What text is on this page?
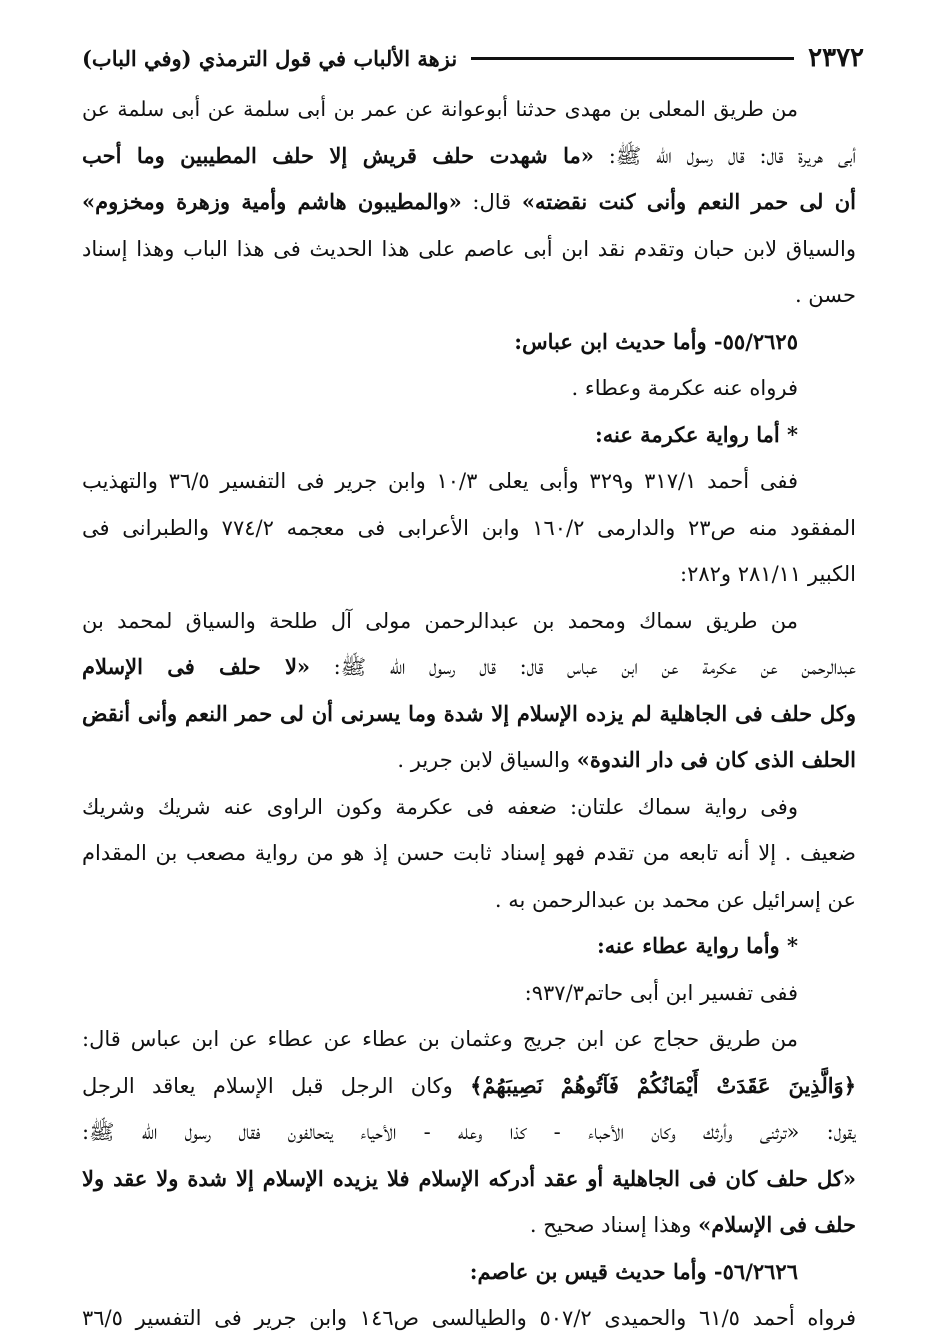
٢٣٧٢
نزهة الألباب في قول الترمذي (وفي الباب)

من طريق المعلى بن مهدى حدثنا أبوعوانة عن عمر بن أبى سلمة عن أبى سلمة عن

أبى هريرة قال: قال رسول الله ﷺ: «ما شهدت حلف قريش إلا حلف المطيبين وما أحب

أن لى حمر النعم وأنى كنت نقضته» قال: «والمطيبون هاشم وأمية وزهرة ومخزوم»

والسياق لابن حبان وتقدم نقد ابن أبى عاصم على هذا الحديث فى هذا الباب وهذا إسناد

حسن .

٥٥/٢٦٢٥- وأما حديث ابن عباس:

فرواه عنه عكرمة وعطاء .

* أما رواية عكرمة عنه:

ففى أحمد ٣١٧/١ و٣٢٩ وأبى يعلى ١٠/٣ وابن جرير فى التفسير ٣٦/٥ والتهذيب

المفقود منه ص٢٣ والدارمى ١٦٠/٢ وابن الأعرابى فى معجمه ٧٧٤/٢ والطبرانى فى

الكبير ٢٨١/١١ و٢٨٢:

من طريق سماك ومحمد بن عبدالرحمن مولى آل طلحة والسياق لمحمد بن

عبدالرحمن عن عكرمة عن ابن عباس قال: قال رسول الله ﷺ: «لا حلف فى الإسلام

وكل حلف فى الجاهلية لم يزده الإسلام إلا شدة وما يسرنى أن لى حمر النعم وأنى أنقض

الحلف الذى كان فى دار الندوة» والسياق لابن جرير .

وفى رواية سماك علتان: ضعفه فى عكرمة وكون الراوى عنه شريك وشريك

ضعيف . إلا أنه تابعه من تقدم فهو إسناد ثابت حسن إذ هو من رواية مصعب بن المقدام

عن إسرائيل عن محمد بن عبدالرحمن به .

* وأما رواية عطاء عنه:

ففى تفسير ابن أبى حاتم٩٣٧/٣:

من طريق حجاج عن ابن جريج وعثمان بن عطاء عن عطاء عن ابن عباس قال:

﴿وَالَّذِينَ عَقَدَتْ أَيْمَانُكُمْ فَآتُوهُمْ نَصِيبَهُمْ﴾ وكان الرجل قبل الإسلام يعاقد الرجل

يقول: «ترثنى وأرثك وكان الأحباء - كذا وعله - الأحياء يتحالفون فقال رسول الله ﷺ:

«كل حلف كان فى الجاهلية أو عقد أدركه الإسلام فلا يزيده الإسلام إلا شدة ولا عقد ولا

حلف فى الإسلام» وهذا إسناد صحيح .

٥٦/٢٦٢٦- وأما حديث قيس بن عاصم:

فرواه أحمد ٦١/٥ والحميدى ٥٠٧/٢ والطيالسى ص١٤٦ وابن جرير فى التفسير ٣٦/٥
